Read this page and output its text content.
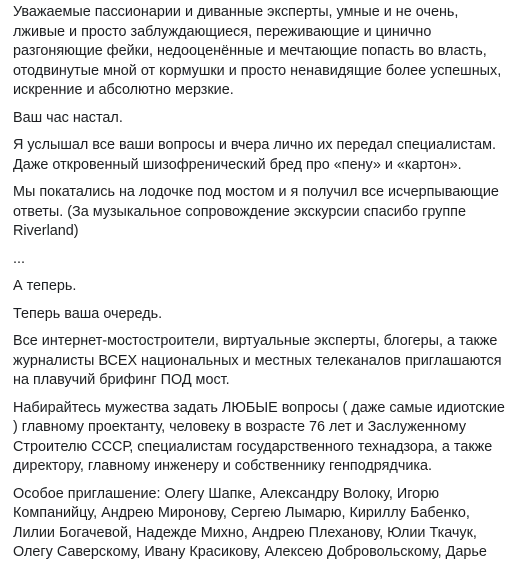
Уважаемые пассионарии и диванные эксперты, умные и не очень, лживые и просто заблуждающиеся, переживающие и цинично разгоняющие фейки, недооценённые и мечтающие попасть во власть, отодвинутые мной от кормушки и просто ненавидящие более успешных, искренние и абсолютно мерзкие.

Ваш час настал.

Я услышал все ваши вопросы и вчера лично их передал специалистам. Даже откровенный шизофренический бред про «пену» и «картон».

Мы покатались на лодочке под мостом и я получил все исчерпывающие ответы. (За музыкальное сопровождение экскурсии спасибо группе Riverland)

...

А теперь.

Теперь ваша очередь.

Все интернет-мостостроители, виртуальные эксперты, блогеры, а также журналисты ВСЕХ национальных и местных телеканалов приглашаются на плавучий брифинг ПОД мост.

Набирайтесь мужества задать ЛЮБЫЕ вопросы ( даже самые идиотские ) главному проектанту, человеку в возрасте 76 лет и Заслуженному Строителю СССР, специалистам государственного технадзора, а также директору, главному инженеру и собственнику генподрядчика.

Особое приглашение: Олегу Шапке, Александру Волоку, Игорю Компанийцу, Андрею Миронову, Сергею Лымарю, Кириллу Бабенко, Лилии Богачевой, Надежде Михно, Андрею Плеханову, Юлии Ткачук, Олегу Саверскому, Ивану Красикову, Алексею Добровольскому, Дарье
